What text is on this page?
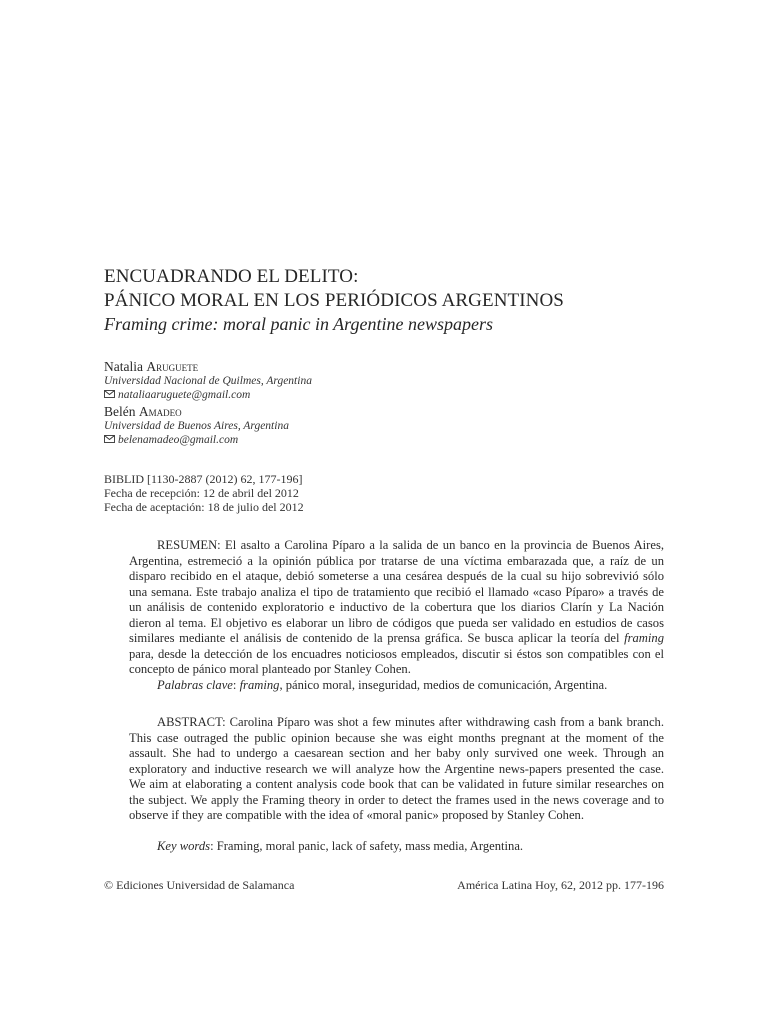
ENCUADRANDO EL DELITO:
PÁNICO MORAL EN LOS PERIÓDICOS ARGENTINOS
Framing crime: moral panic in Argentine newspapers
Natalia Aruguete
Universidad Nacional de Quilmes, Argentina
nataliaaruguete@gmail.com
Belén Amadeo
Universidad de Buenos Aires, Argentina
belenamadeo@gmail.com
BIBLID [1130-2887 (2012) 62, 177-196]
Fecha de recepción: 12 de abril del 2012
Fecha de aceptación: 18 de julio del 2012

RESUMEN: El asalto a Carolina Píparo a la salida de un banco en la provincia de Buenos Aires, Argentina, estremeció a la opinión pública por tratarse de una víctima embarazada que, a raíz de un disparo recibido en el ataque, debió someterse a una cesárea después de la cual su hijo sobrevivió sólo una semana. Este trabajo analiza el tipo de tratamiento que recibió el llamado «caso Píparo» a través de un análisis de contenido exploratorio e inductivo de la cobertura que los diarios Clarín y La Nación dieron al tema. El objetivo es elaborar un libro de códigos que pueda ser validado en estudios de casos similares mediante el análisis de contenido de la prensa gráfica. Se busca aplicar la teoría del framing para, desde la detección de los encuadres noticiosos empleados, discutir si éstos son compatibles con el concepto de pánico moral planteado por Stanley Cohen.

Palabras clave: framing, pánico moral, inseguridad, medios de comunicación, Argentina.

ABSTRACT: Carolina Píparo was shot a few minutes after withdrawing cash from a bank branch. This case outraged the public opinion because she was eight months pregnant at the moment of the assault. She had to undergo a caesarean section and her baby only survived one week. Through an exploratory and inductive research we will analyze how the Argentine news-papers presented the case. We aim at elaborating a content analysis code book that can be validated in future similar researches on the subject. We apply the Framing theory in order to detect the frames used in the news coverage and to observe if they are compatible with the idea of «moral panic» proposed by Stanley Cohen.

Key words: Framing, moral panic, lack of safety, mass media, Argentina.
© Ediciones Universidad de Salamanca	América Latina Hoy, 62, 2012 pp. 177-196
